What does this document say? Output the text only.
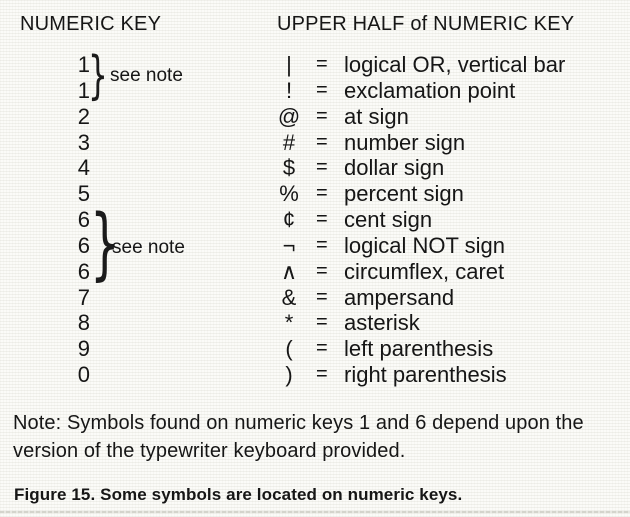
NUMERIC KEY	UPPER HALF of NUMERIC KEY
1	|	= logical OR, vertical bar
1	!	= exclamation point
2	@ = at sign
3	#	= number sign
4	$	= dollar sign
5	% = percent sign
6	¢	= cent sign
6	¬	= logical NOT sign
6	∧ = circumflex, caret
7	& = ampersand
8	*	= asterisk
9	(	= left parenthesis
0	)	= right parenthesis
} see note
}
see note
Note: Symbols found on numeric keys 1 and 6 depend upon the
version of the typewriter keyboard provided.
Figure 15. Some symbols are located on numeric keys.
